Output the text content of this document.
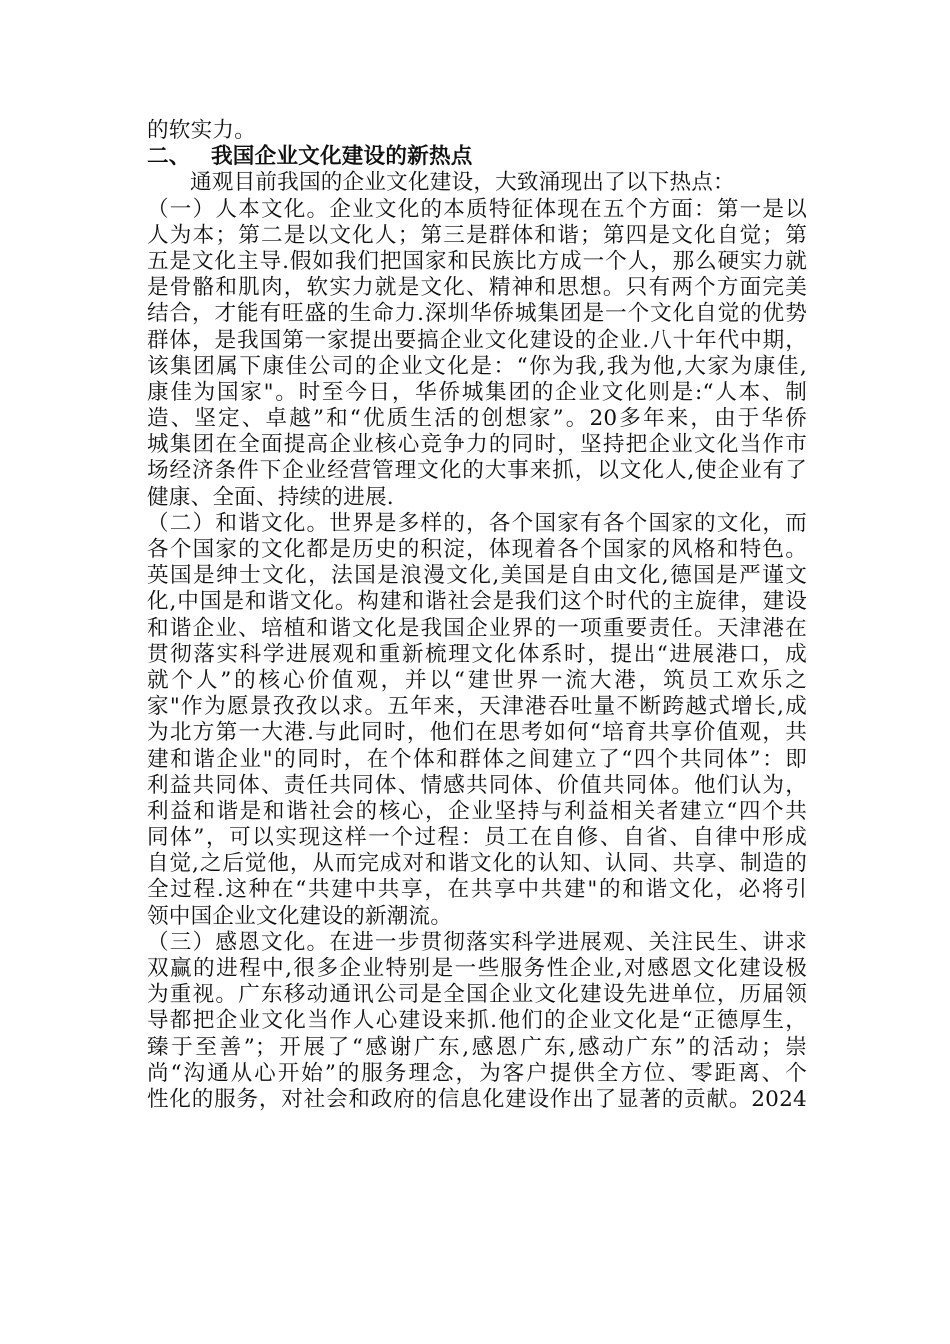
的软实力。
二、 我国企业文化建设的新热点
通观目前我国的企业文化建设，大致涌现出了以下热点：
（一）人本文化。企业文化的本质特征体现在五个方面：第一是以
人为本；第二是以文化人；第三是群体和谐；第四是文化自觉；第
五是文化主导.假如我们把国家和民族比方成一个人，那么硬实力就
是骨骼和肌肉，软实力就是文化、精神和思想。只有两个方面完美
结合，才能有旺盛的生命力.深圳华侨城集团是一个文化自觉的优势
群体，是我国第一家提出要搞企业文化建设的企业.八十年代中期，
该集团属下康佳公司的企业文化是：“你为我,我为他,大家为康佳,
康佳为国家"。时至今日，华侨城集团的企业文化则是:“人本、制
造、坚定、卓越”和“优质生活的创想家”。20多年来，由于华侨
城集团在全面提高企业核心竞争力的同时，坚持把企业文化当作市
场经济条件下企业经营管理文化的大事来抓，以文化人,使企业有了
健康、全面、持续的进展.
（二）和谐文化。世界是多样的，各个国家有各个国家的文化，而
各个国家的文化都是历史的积淀，体现着各个国家的风格和特色。
英国是绅士文化，法国是浪漫文化,美国是自由文化,德国是严谨文
化,中国是和谐文化。构建和谐社会是我们这个时代的主旋律，建设
和谐企业、培植和谐文化是我国企业界的一项重要责任。天津港在
贯彻落实科学进展观和重新梳理文化体系时，提出“进展港口，成
就个人”的核心价值观，并以“建世界一流大港，筑员工欢乐之
家"作为愿景孜孜以求。五年来，天津港吞吐量不断跨越式增长,成
为北方第一大港.与此同时，他们在思考如何“培育共享价值观，共
建和谐企业"的同时，在个体和群体之间建立了“四个共同体”：即
利益共同体、责任共同体、情感共同体、价值共同体。他们认为，
利益和谐是和谐社会的核心，企业坚持与利益相关者建立“四个共
同体”，可以实现这样一个过程：员工在自修、自省、自律中形成
自觉,之后觉他，从而完成对和谐文化的认知、认同、共享、制造的
全过程.这种在“共建中共享，在共享中共建"的和谐文化，必将引
领中国企业文化建设的新潮流。
（三）感恩文化。在进一步贯彻落实科学进展观、关注民生、讲求
双赢的进程中,很多企业特别是一些服务性企业,对感恩文化建设极
为重视。广东移动通讯公司是全国企业文化建设先进单位，历届领
导都把企业文化当作人心建设来抓.他们的企业文化是“正德厚生，
臻于至善”；开展了“感谢广东,感恩广东,感动广东”的活动；崇
尚“沟通从心开始”的服务理念，为客户提供全方位、零距离、个
性化的服务，对社会和政府的信息化建设作出了显著的贡献。2024
